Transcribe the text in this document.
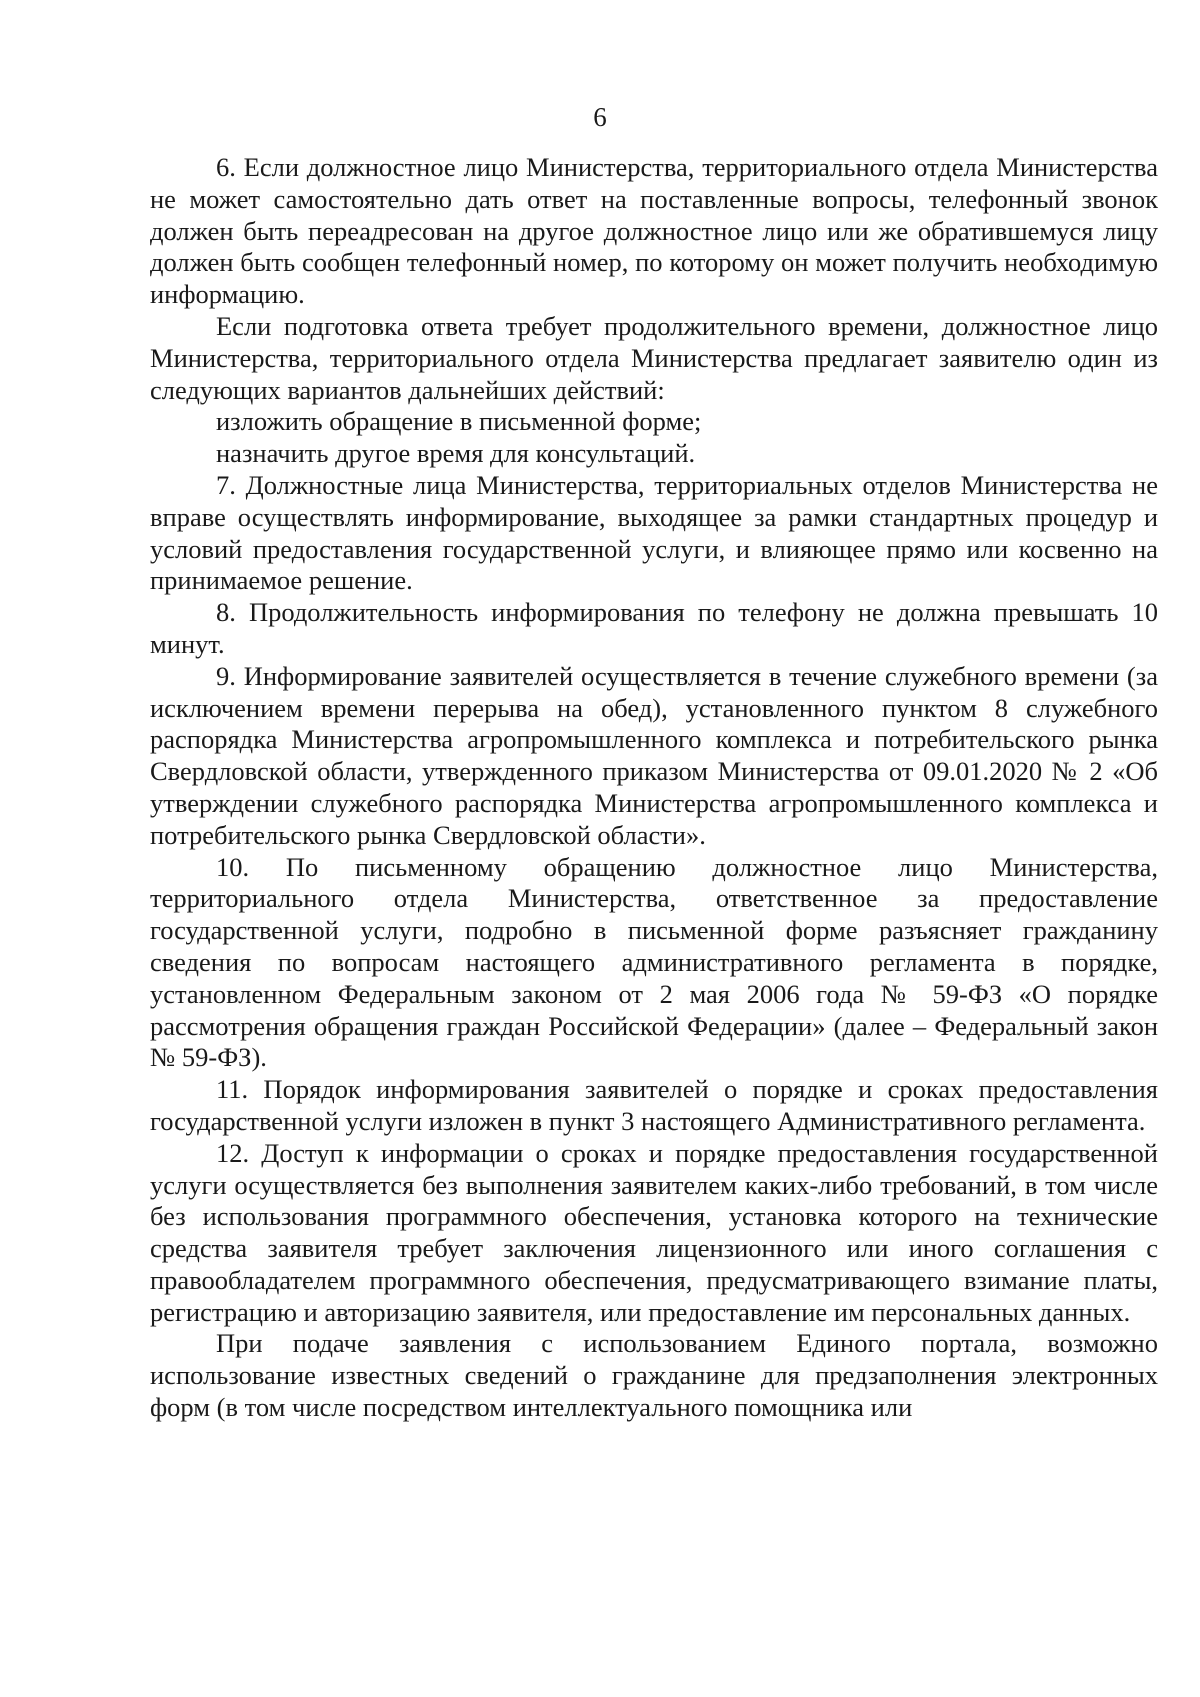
6

6. Если должностное лицо Министерства, территориального отдела Министерства не может самостоятельно дать ответ на поставленные вопросы, телефонный звонок должен быть переадресован на другое должностное лицо или же обратившемуся лицу должен быть сообщен телефонный номер, по которому он может получить необходимую информацию.

Если подготовка ответа требует продолжительного времени, должностное лицо Министерства, территориального отдела Министерства предлагает заявителю один из следующих вариантов дальнейших действий:

изложить обращение в письменной форме;

назначить другое время для консультаций.

7. Должностные лица Министерства, территориальных отделов Министерства не вправе осуществлять информирование, выходящее за рамки стандартных процедур и условий предоставления государственной услуги, и влияющее прямо или косвенно на принимаемое решение.

8. Продолжительность информирования по телефону не должна превышать 10 минут.

9. Информирование заявителей осуществляется в течение служебного времени (за исключением времени перерыва на обед), установленного пунктом 8 служебного распорядка Министерства агропромышленного комплекса и потребительского рынка Свердловской области, утвержденного приказом Министерства от 09.01.2020 № 2 «Об утверждении служебного распорядка Министерства агропромышленного комплекса и потребительского рынка Свердловской области».

10. По письменному обращению должностное лицо Министерства, территориального отдела Министерства, ответственное за предоставление государственной услуги, подробно в письменной форме разъясняет гражданину сведения по вопросам настоящего административного регламента в порядке, установленном Федеральным законом от 2 мая 2006 года № 59-ФЗ «О порядке рассмотрения обращения граждан Российской Федерации» (далее – Федеральный закон № 59-ФЗ).

11. Порядок информирования заявителей о порядке и сроках предоставления государственной услуги изложен в пункт 3 настоящего Административного регламента.

12. Доступ к информации о сроках и порядке предоставления государственной услуги осуществляется без выполнения заявителем каких-либо требований, в том числе без использования программного обеспечения, установка которого на технические средства заявителя требует заключения лицензионного или иного соглашения с правообладателем программного обеспечения, предусматривающего взимание платы, регистрацию и авторизацию заявителя, или предоставление им персональных данных.

При подаче заявления с использованием Единого портала, возможно использование известных сведений о гражданине для предзаполнения электронных форм (в том числе посредством интеллектуального помощника или
